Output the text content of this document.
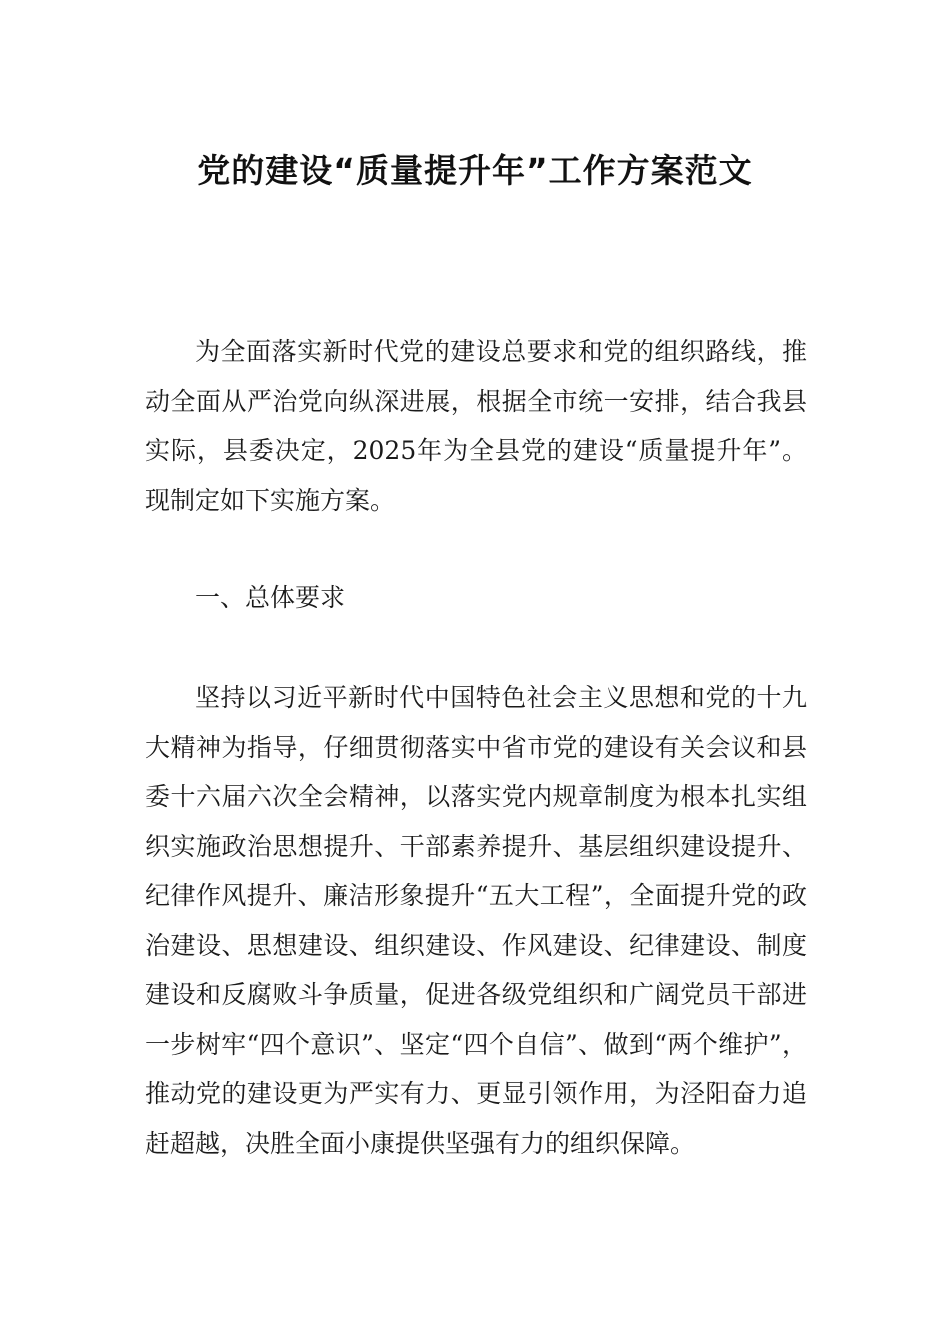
党的建设“质量提升年”工作方案范文

为全面落实新时代党的建设总要求和党的组织路线，推动全面从严治党向纵深进展，根据全市统一安排，结合我县实际，县委决定，2025年为全县党的建设“质量提升年”。现制定如下实施方案。

一、总体要求

坚持以习近平新时代中国特色社会主义思想和党的十九大精神为指导，仔细贯彻落实中省市党的建设有关会议和县委十六届六次全会精神，以落实党内规章制度为根本扎实组织实施政治思想提升、干部素养提升、基层组织建设提升、纪律作风提升、廉洁形象提升“五大工程”，全面提升党的政治建设、思想建设、组织建设、作风建设、纪律建设、制度建设和反腐败斗争质量，促进各级党组织和广阔党员干部进一步树牢“四个意识”、坚定“四个自信”、做到“两个维护”，推动党的建设更为严实有力、更显引领作用，为泾阳奋力追赶超越，决胜全面小康提供坚强有力的组织保障。
